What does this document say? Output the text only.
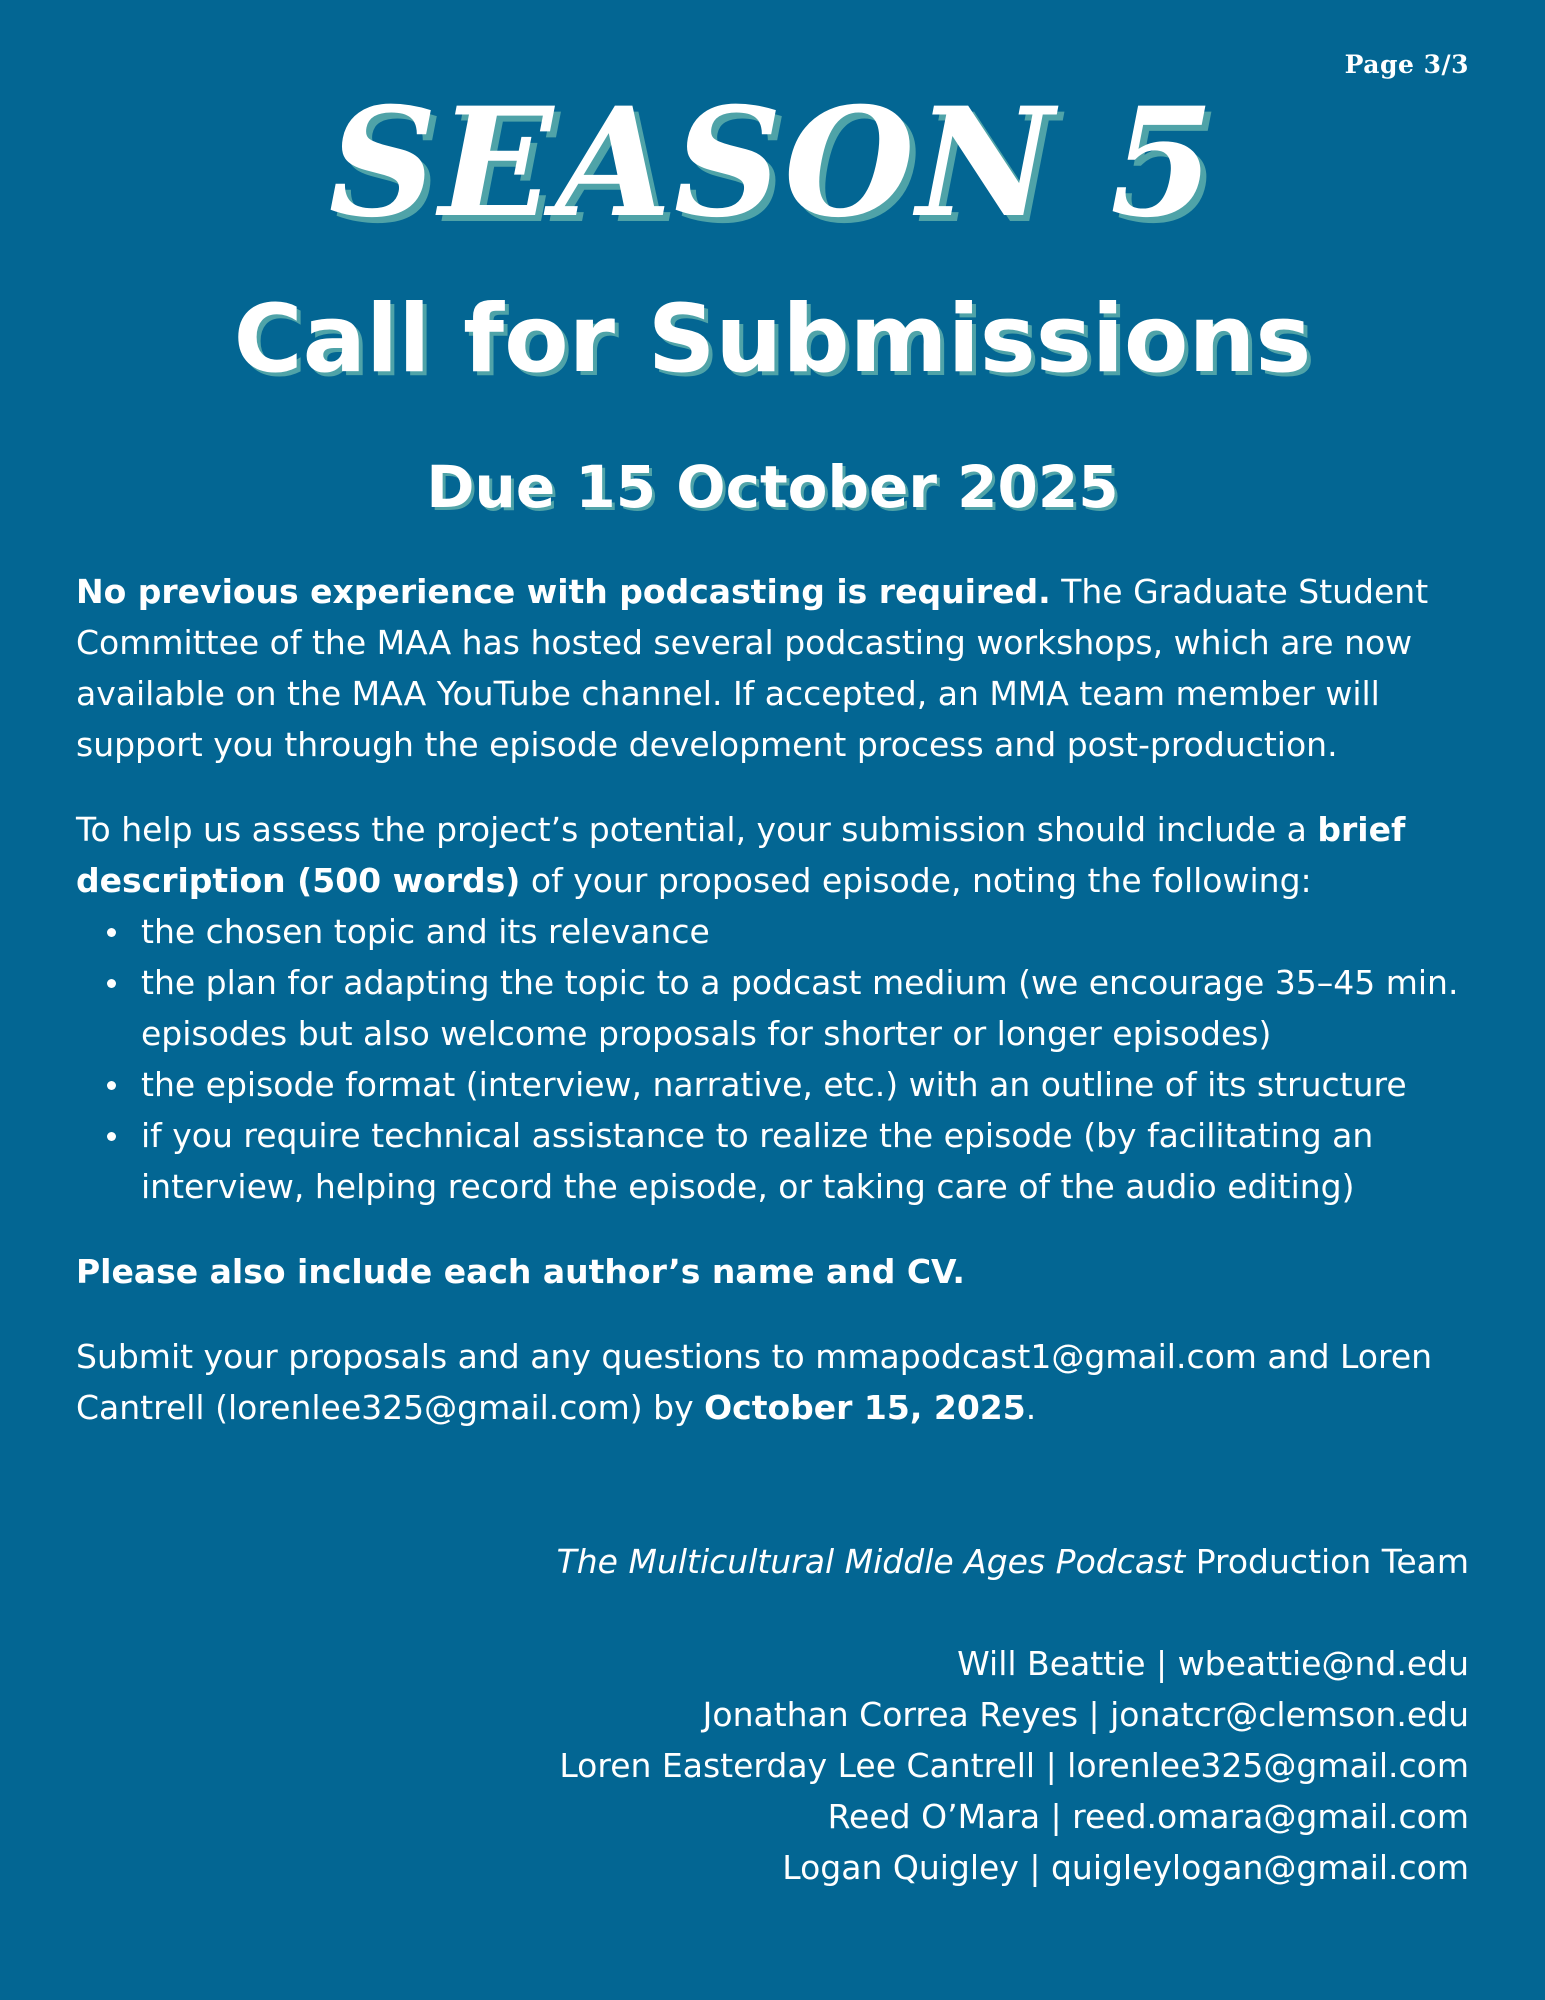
Page 3/3
SEASON 5
Call for Submissions
Due 15 October 2025

No previous experience with podcasting is required. The Graduate Student Committee of the MAA has hosted several podcasting workshops, which are now available on the MAA YouTube channel. If accepted, an MMA team member will support you through the episode development process and post-production.

To help us assess the project’s potential, your submission should include a brief description (500 words) of your proposed episode, noting the following:

the chosen topic and its relevance
the plan for adapting the topic to a podcast medium (we encourage 35–45 min. episodes but also welcome proposals for shorter or longer episodes)
the episode format (interview, narrative, etc.) with an outline of its structure
if you require technical assistance to realize the episode (by facilitating an interview, helping record the episode, or taking care of the audio editing)

Please also include each author’s name and CV.

Submit your proposals and any questions to mmapodcast1@gmail.com and Loren Cantrell (lorenlee325@gmail.com) by October 15, 2025.

The Multicultural Middle Ages Podcast Production Team
Will Beattie | wbeattie@nd.edu
Jonathan Correa Reyes | jonatcr@clemson.edu
Loren Easterday Lee Cantrell | lorenlee325@gmail.com
Reed O’Mara | reed.omara@gmail.com
Logan Quigley | quigleylogan@gmail.com
